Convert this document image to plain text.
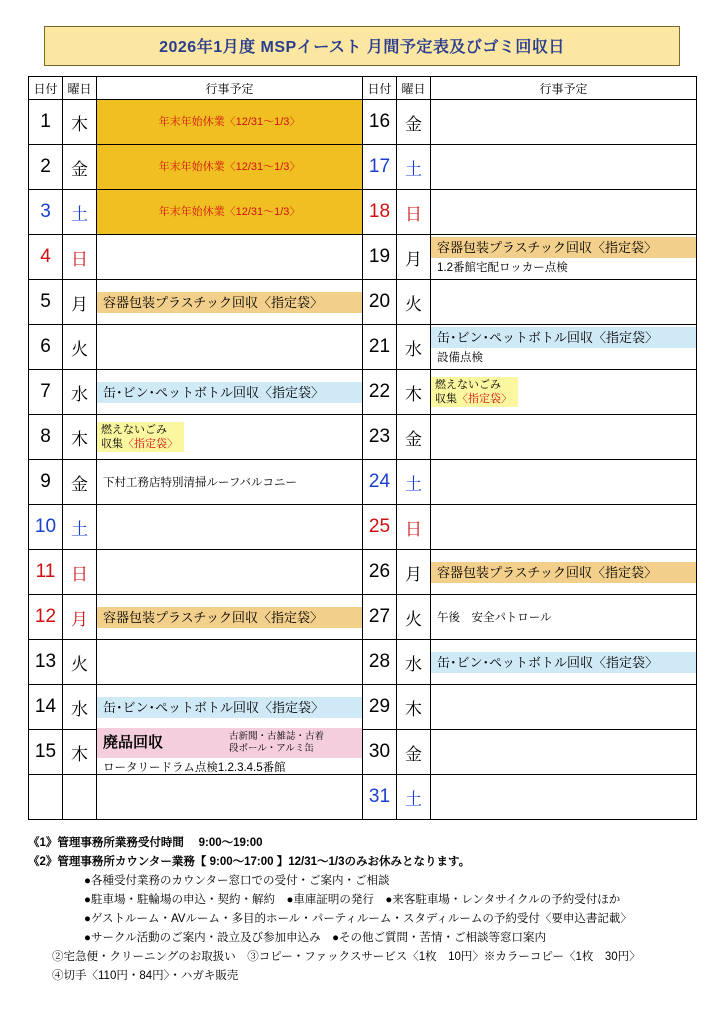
2026年1月度 MSPイースト 月間予定表及びゴミ回収日
日付	曜日	行事予定	日付	曜日	行事予定
1	木	年末年始休業〈12/31～1/3〉	16	金	

2	金	年末年始休業〈12/31～1/3〉	17	土	

3	土	年末年始休業〈12/31～1/3〉	18	日	

4	日		19	月	容器包装プラスチック回収〈指定袋〉
1.2番館宅配ロッカー点検

5	月	容器包装プラスチック回収〈指定袋〉	20	火	

6	火		21	水	缶･ビン･ペットボトル回収〈指定袋〉
設備点検

7	水	缶･ビン･ペットボトル回収〈指定袋〉	22	木	燃えないごみ
収集〈指定袋〉

8	木	燃えないごみ
収集〈指定袋〉	23	金	

9	金	下村工務店特別清掃ルーフバルコニー	24	土	

10	土		25	日	

11	日		26	月	容器包装プラスチック回収〈指定袋〉

12	月	容器包装プラスチック回収〈指定袋〉	27	火	午後　安全パトロール

13	火		28	水	缶･ビン･ペットボトル回収〈指定袋〉

14	水	缶･ビン･ペットボトル回収〈指定袋〉	29	木	

15	木	廃品回収 古新聞・古雑誌・古着
段ボール・アルミ缶
ロータリードラム点検1.2.3.4.5番館	30	金	

			31	土	
《1》管理事務所業務受付時間 　9:00～19:00
《2》管理事務所カウンター業務【 9:00～17:00 】12/31～1/3のみお休みとなります。
●各種受付業務のカウンター窓口での受付・ご案内・ご相談
●駐車場・駐輪場の申込・契約・解約　●車庫証明の発行　●来客駐車場・レンタサイクルの予約受付ほか
●ゲストルーム・AVルーム・多目的ホール・パーティルーム・スタディルームの予約受付〈要申込書記載〉
●サークル活動のご案内・設立及び参加申込み　●その他ご質問・苦情・ご相談等窓口案内
②宅急便・クリーニングのお取扱い　③コピー・ファックスサービス〈1枚　10円〉※カラーコピー〈1枚　30円〉
④切手〈110円・84円〉・ハガキ販売
